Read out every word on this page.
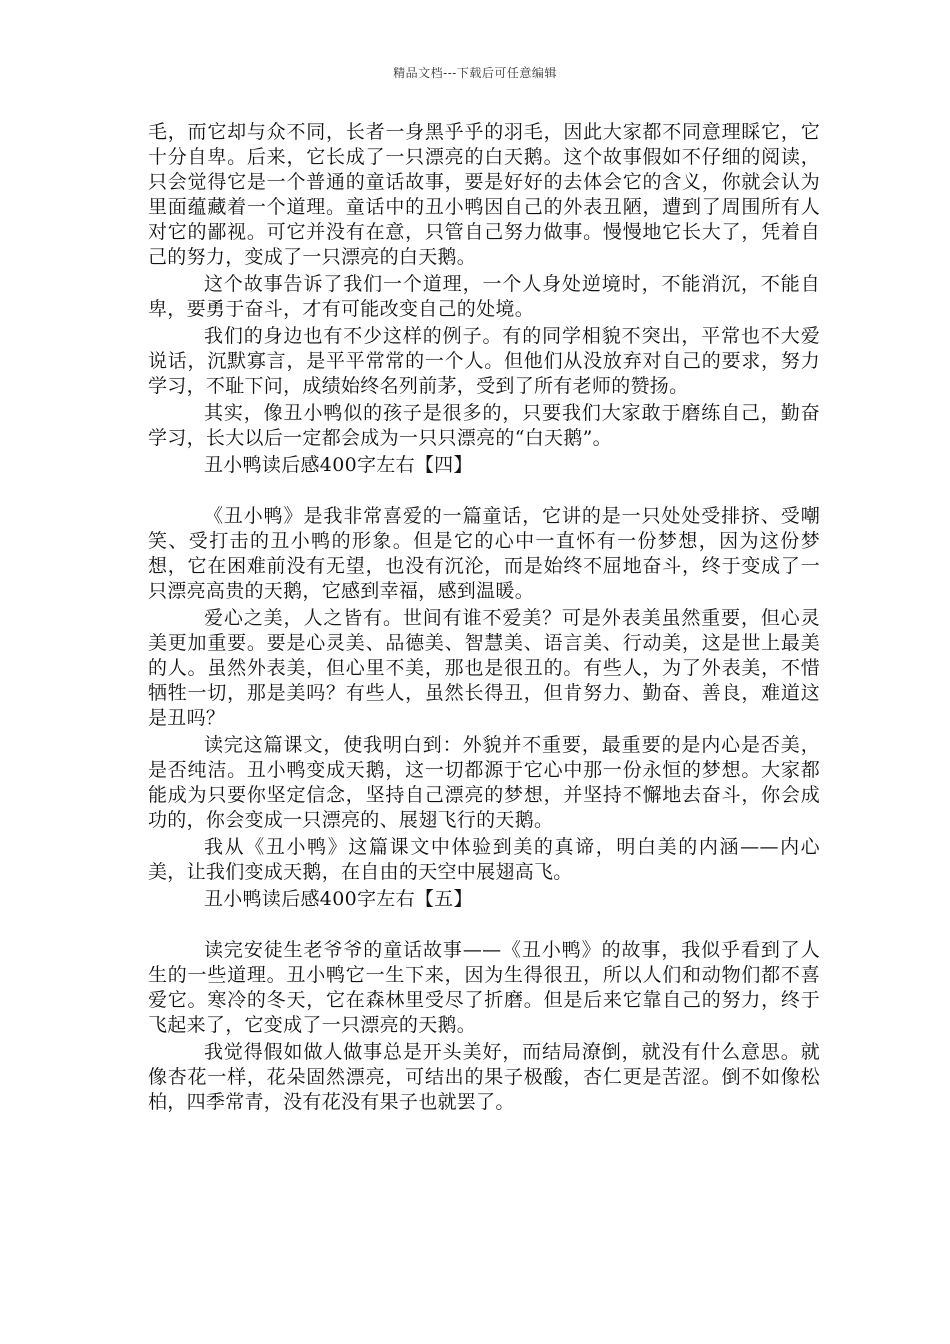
精品文档---下载后可任意编辑

毛，而它却与众不同，长者一身黑乎乎的羽毛，因此大家都不同意理睬它，它十分自卑。后来，它长成了一只漂亮的白天鹅。这个故事假如不仔细的阅读，只会觉得它是一个普通的童话故事，要是好好的去体会它的含义，你就会认为里面蕴藏着一个道理。童话中的丑小鸭因自己的外表丑陋，遭到了周围所有人对它的鄙视。可它并没有在意，只管自己努力做事。慢慢地它长大了，凭着自己的努力，变成了一只漂亮的白天鹅。

这个故事告诉了我们一个道理，一个人身处逆境时，不能消沉，不能自卑，要勇于奋斗，才有可能改变自己的处境。

我们的身边也有不少这样的例子。有的同学相貌不突出，平常也不大爱说话，沉默寡言，是平平常常的一个人。但他们从没放弃对自己的要求，努力学习，不耻下问，成绩始终名列前茅，受到了所有老师的赞扬。

其实，像丑小鸭似的孩子是很多的，只要我们大家敢于磨练自己，勤奋学习，长大以后一定都会成为一只只漂亮的“白天鹅”。

丑小鸭读后感400字左右【四】

《丑小鸭》是我非常喜爱的一篇童话，它讲的是一只处处受排挤、受嘲笑、受打击的丑小鸭的形象。但是它的心中一直怀有一份梦想，因为这份梦想，它在困难前没有无望，也没有沉沦，而是始终不屈地奋斗，终于变成了一只漂亮高贵的天鹅，它感到幸福，感到温暖。

爱心之美，人之皆有。世间有谁不爱美？可是外表美虽然重要，但心灵美更加重要。要是心灵美、品德美、智慧美、语言美、行动美，这是世上最美的人。虽然外表美，但心里不美，那也是很丑的。有些人，为了外表美，不惜牺牲一切，那是美吗？有些人，虽然长得丑，但肯努力、勤奋、善良，难道这是丑吗？

读完这篇课文，使我明白到：外貌并不重要，最重要的是内心是否美，是否纯洁。丑小鸭变成天鹅，这一切都源于它心中那一份永恒的梦想。大家都能成为只要你坚定信念，坚持自己漂亮的梦想，并坚持不懈地去奋斗，你会成功的，你会变成一只漂亮的、展翅飞行的天鹅。

我从《丑小鸭》这篇课文中体验到美的真谛，明白美的内涵——内心美，让我们变成天鹅，在自由的天空中展翅高飞。

丑小鸭读后感400字左右【五】

读完安徒生老爷爷的童话故事——《丑小鸭》的故事，我似乎看到了人生的一些道理。丑小鸭它一生下来，因为生得很丑，所以人们和动物们都不喜爱它。寒冷的冬天，它在森林里受尽了折磨。但是后来它靠自己的努力，终于飞起来了，它变成了一只漂亮的天鹅。

我觉得假如做人做事总是开头美好，而结局潦倒，就没有什么意思。就像杏花一样，花朵固然漂亮，可结出的果子极酸，杏仁更是苦涩。倒不如像松柏，四季常青，没有花没有果子也就罢了。
